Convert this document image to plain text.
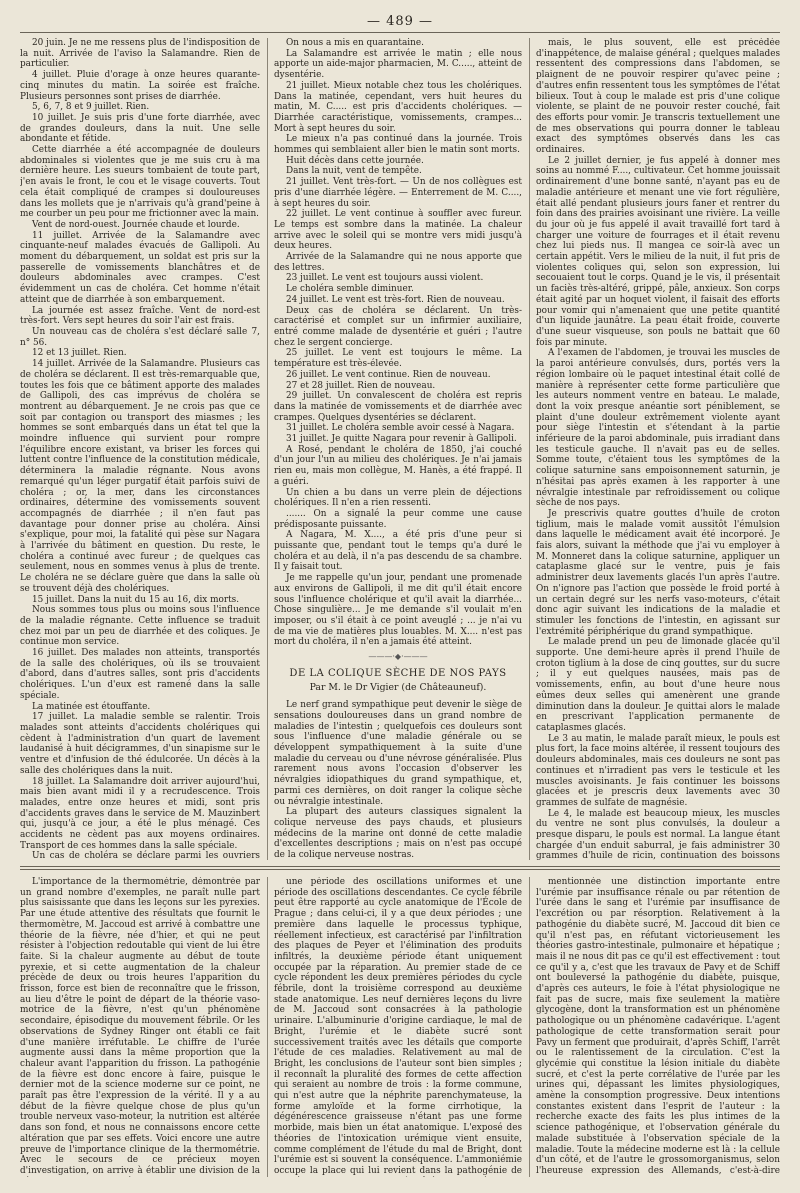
— 489 —

20 juin. Je ne me ressens plus de l'indisposition de la nuit. Arrivée de l'aviso la Salamandre. Rien de particulier.

4 juillet. Pluie d'orage à onze heures quarante-cinq minutes du matin. La soirée est fraîche. Plusieurs personnes sont prises de diarrhée.

5, 6, 7, 8 et 9 juillet. Rien.

10 juillet. Je suis pris d'une forte diarrhée, avec de grandes douleurs, dans la nuit. Une selle abondante et fétide.

Cette diarrhée a été accompagnée de douleurs abdominales si violentes que je me suis cru à ma dernière heure. Les sueurs tombaient de toute part, j'en avais le front, le cou et le visage couverts. Tout cela était compliqué de crampes si douloureuses dans les mollets que je n'arrivais qu'à grand'peine à me courber un peu pour me frictionner avec la main.

Vent de nord-ouest. Journée chaude et lourde.

11 juillet. Arrivée de la Salamandre avec cinquante-neuf malades évacués de Gallipoli. Au moment du débarquement, un soldat est pris sur la passerelle de vomissements blanchâtres et de douleurs abdominales avec crampes. C'est évidemment un cas de choléra. Cet homme n'était atteint que de diarrhée à son embarquement.

La journée est assez fraîche. Vent de nord-est très-fort. Vers sept heures du soir l'air est frais.

Un nouveau cas de choléra s'est déclaré salle 7, n° 56.

12 et 13 juillet. Rien.

14 juillet. Arrivée de la Salamandre. Plusieurs cas de choléra se déclarent. Il est très-remarquable que, toutes les fois que ce bâtiment apporte des malades de Gallipoli, des cas imprévus de choléra se montrent au débarquement. Je ne crois pas que ce soit par contagion ou transport des miasmes ; les hommes se sont embarqués dans un état tel que la moindre influence qui survient pour rompre l'équilibre encore existant, va briser les forces qui luttent contre l'influence de la constitution médicale, déterminera la maladie régnante. Nous avons remarqué qu'un léger purgatif était parfois suivi de choléra ; or, la mer, dans les circonstances ordinaires, détermine des vomissements souvent accompagnés de diarrhée ; il n'en faut pas davantage pour donner prise au choléra. Ainsi s'explique, pour moi, la fatalité qui pèse sur Nagara à l'arrivée du bâtiment en question. Du reste, le choléra a continué avec fureur ; de quelques cas seulement, nous en sommes venus à plus de trente. Le choléra ne se déclare guère que dans la salle où se trouvent déjà des cholériques.

15 juillet. Dans la nuit du 15 au 16, dix morts.

Nous sommes tous plus ou moins sous l'influence de la maladie régnante. Cette influence se traduit chez moi par un peu de diarrhée et des coliques. Je continue mon service.

16 juillet. Des malades non atteints, transportés de la salle des cholériques, où ils se trouvaient d'abord, dans d'autres salles, sont pris d'accidents cholériques. L'un d'eux est ramené dans la salle spéciale.

La matinée est étouffante.

17 juillet. La maladie semble se ralentir. Trois malades sont atteints d'accidents cholériques qui cèdent à l'administration d'un quart de lavement laudanisé à huit décigrammes, d'un sinapisme sur le ventre et d'infusion de thé édulcorée. Un décès à la salle des cholériques dans la nuit.

18 juillet. La Salamandre doit arriver aujourd'hui, mais bien avant midi il y a recrudescence. Trois malades, entre onze heures et midi, sont pris d'accidents graves dans le service de M. Mauzinbert qui, jusqu'à ce jour, a été le plus ménagé. Ces accidents ne cèdent pas aux moyens ordinaires. Transport de ces hommes dans la salle spéciale.

Un cas de choléra se déclare parmi les ouvriers

On nous a mis en quarantaine.

La Salamandre est arrivée le matin ; elle nous apporte un aide-major pharmacien, M. C....., atteint de dysentérie.

21 juillet. Mieux notable chez tous les cholériques. Dans la matinée, cependant, vers huit heures du matin, M. C..... est pris d'accidents cholériques. — Diarrhée caractéristique, vomissements, crampes... Mort à sept heures du soir.

Le mieux n'a pas continué dans la journée. Trois hommes qui semblaient aller bien le matin sont morts.

Huit décès dans cette journée.

Dans la nuit, vent de tempête.

21 juillet. Vent très-fort. — Un de nos collègues est pris d'une diarrhée légère. — Enterrement de M. C...., à sept heures du soir.

22 juillet. Le vent continue à souffler avec fureur. Le temps est sombre dans la matinée. La chaleur arrive avec le soleil qui se montre vers midi jusqu'à deux heures.

Arrivée de la Salamandre qui ne nous apporte que des lettres.

23 juillet. Le vent est toujours aussi violent.

Le choléra semble diminuer.

24 juillet. Le vent est très-fort. Rien de nouveau.

Deux cas de choléra se déclarent. Un très-caractérisé et complet sur un infirmier auxiliaire, entré comme malade de dysentérie et guéri ; l'autre chez le sergent concierge.

25 juillet. Le vent est toujours le même. La température est très-élevée.

26 juillet. Le vent continue. Rien de nouveau.

27 et 28 juillet. Rien de nouveau.

29 juillet. Un convalescent de choléra est repris dans la matinée de vomissements et de diarrhée avec crampes. Quelques dysentéries se déclarent.

31 juillet. Le choléra semble avoir cessé à Nagara.

31 juillet. Je quitte Nagara pour revenir à Gallipoli.

A Rosé, pendant le choléra de 1850, j'ai couché d'un jour l'un au milieu des cholériques. Je n'ai jamais rien eu, mais mon collègue, M. Hanès, a été frappé. Il a guéri.

Un chien a bu dans un verre plein de déjections cholériques. Il n'en a rien ressenti.

....... On a signalé la peur comme une cause prédisposante puissante.

A Nagara, M. X...., a été pris d'une peur si puissante que, pendant tout le temps qu'a duré le choléra et au delà, il n'a pas descendu de sa chambre. Il y faisait tout.

Je me rappelle qu'un jour, pendant une promenade aux environs de Gallipoli, il me dit qu'il était encore sous l'influence cholérique et qu'il avait la diarrhée... Chose singulière... Je me demande s'il voulait m'en imposer, ou s'il était à ce point aveuglé ; ... je n'ai vu de ma vie de matières plus louables. M. X.... n'est pas mort du choléra, il n'en a jamais été atteint.

———·◆·———
DE LA COLIQUE SÈCHE DE NOS PAYS
Par M. le Dr Vigier (de Châteauneuf).

Le nerf grand sympathique peut devenir le siège de sensations douloureuses dans un grand nombre de maladies de l'intestin ; quelquefois ces douleurs sont sous l'influence d'une maladie générale ou se développent sympathiquement à la suite d'une maladie du cerveau ou d'une névrose généralisée. Plus rarement nous avons l'occasion d'observer les névralgies idiopathiques du grand sympathique, et, parmi ces dernières, on doit ranger la colique sèche ou névralgie intestinale.

La plupart des auteurs classiques signalent la colique nerveuse des pays chauds, et plusieurs médecins de la marine ont donné de cette maladie d'excellentes descriptions ; mais on n'est pas occupé de la colique nerveuse nostras.

mais, le plus souvent, elle est précédée d'inappétence, de malaise général ; quelques malades ressentent des compressions dans l'abdomen, se plaignent de ne pouvoir respirer qu'avec peine ; d'autres enfin ressentent tous les symptômes de l'état bilieux. Tout à coup le malade est pris d'une colique violente, se plaint de ne pouvoir rester couché, fait des efforts pour vomir. Je transcris textuellement une de mes observations qui pourra donner le tableau exact des symptômes observés dans les cas ordinaires.

Le 2 juillet dernier, je fus appelé à donner mes soins au nommé F...., cultivateur. Cet homme jouissait ordinairement d'une bonne santé, n'ayant pas eu de maladie antérieure et menant une vie fort régulière, était allé pendant plusieurs jours faner et rentrer du foin dans des prairies avoisinant une rivière. La veille du jour où je fus appelé il avait travaillé fort tard à charger une voiture de fourrages et il était revenu chez lui pieds nus. Il mangea ce soir-là avec un certain appétit. Vers le milieu de la nuit, il fut pris de violentes coliques qui, selon son expression, lui secouaient tout le corps. Quand je le vis, il présentait un faciès très-altéré, grippé, pâle, anxieux. Son corps était agité par un hoquet violent, il faisait des efforts pour vomir qui n'amenaient que une petite quantité d'un liquide jaunâtre. La peau était froide, couverte d'une sueur visqueuse, son pouls ne battait que 60 fois par minute.

A l'examen de l'abdomen, je trouvai les muscles de la paroi antérieure convulsés, durs, portés vers la région lombaire où le paquet intestinal était collé de manière à représenter cette forme particulière que les auteurs nomment ventre en bateau. Le malade, dont la voix presque anéantie sort péniblement, se plaint d'une douleur extrêmement violente ayant pour siège l'intestin et s'étendant à la partie inférieure de la paroi abdominale, puis irradiant dans les testicule gauche. Il n'avait pas eu de selles. Somme toute, c'étaient tous les symptômes de la colique saturnine sans empoisonnement saturnin, je n'hésitai pas après examen à les rapporter à une névralgie intestinale par refroidissement ou colique sèche de nos pays.

Je prescrivis quatre gouttes d'huile de croton tiglium, mais le malade vomit aussitôt l'émulsion dans laquelle le médicament avait été incorporé. Je fais alors, suivant la méthode que j'ai vu employer à M. Monneret dans la colique saturnine, appliquer un cataplasme glacé sur le ventre, puis je fais administrer deux lavements glacés l'un après l'autre. On n'ignore pas l'action que possède le froid porté à un certain degré sur les nerfs vaso-moteurs, c'était donc agir suivant les indications de la maladie et stimuler les fonctions de l'intestin, en agissant sur l'extrémité périphérique du grand sympathique.

Le malade prend un peu de limonade glacée qu'il supporte. Une demi-heure après il prend l'huile de croton tiglium à la dose de cinq gouttes, sur du sucre ; il y eut quelques nausées, mais pas de vomissements, enfin, au bout d'une heure nous eûmes deux selles qui amenèrent une grande diminution dans la douleur. Je quittai alors le malade en prescrivant l'application permanente de cataplasmes glacés.

Le 3 au matin, le malade paraît mieux, le pouls est plus fort, la face moins altérée, il ressent toujours des douleurs abdominales, mais ces douleurs ne sont pas continues et n'irradient pas vers le testicule et les muscles avoisinants. Je fais continuer les boissons glacées et je prescris deux lavements avec 30 grammes de sulfate de magnésie.

Le 4, le malade est beaucoup mieux, les muscles du ventre ne sont plus convulsés, la douleur a presque disparu, le pouls est normal. La langue étant chargée d'un enduit saburral, je fais administrer 30 grammes d'huile de ricin, continuation des boissons

L'importance de la thermométrie, démontrée par un grand nombre d'exemples, ne paraît nulle part plus saisissante que dans les leçons sur les pyrexies. Par une étude attentive des résultats que fournit le thermomètre, M. Jaccoud est arrivé à combattre une théorie de la fièvre, née d'hier, et qui ne peut résister à l'objection redoutable qui vient de lui être faite. Si la chaleur augmente au début de toute pyrexie, et si cette augmentation de la chaleur précède de deux ou trois heures l'apparition du frisson, force est bien de reconnaître que le frisson, au lieu d'être le point de départ de la théorie vaso-motrice de la fièvre, n'est qu'un phénomène secondaire, épisodique du mouvement fébrile. Or les observations de Sydney Ringer ont établi ce fait d'une manière irréfutable. Le chiffre de l'urée augmente aussi dans la même proportion que la chaleur avant l'apparition du frisson. La pathogénie de la fièvre est donc encore à faire, puisque le dernier mot de la science moderne sur ce point, ne paraît pas être l'expression de la vérité. Il y a au début de la fièvre quelque chose de plus qu'un trouble nerveux vaso-moteur, la nutrition est altérée dans son fond, et nous ne connaissons encore cette altération que par ses effets. Voici encore une autre preuve de l'importance clinique de la thermométrie. Avec le secours de ce précieux moyen d'investigation, on arrive à établir une division de la

une période des oscillations uniformes et une période des oscillations descendantes. Ce cycle fébrile peut être rapporté au cycle anatomique de l'École de Prague ; dans celui-ci, il y a que deux périodes ; une première dans laquelle le processus typhique, réellement infectieux, est caractérisé par l'infiltration des plaques de Peyer et l'élimination des produits infiltrés, la deuxième période étant uniquement occupée par la réparation. Au premier stade de ce cycle répondent les deux premières périodes du cycle fébrile, dont la troisième correspond au deuxième stade anatomique. Les neuf dernières leçons du livre de M. Jaccoud sont consacrées à la pathologie urinaire. L'albuminurie d'origine cardiaque, le mal de Bright, l'urémie et le diabète sucré sont successivement traités avec les détails que comporte l'étude de ces maladies. Relativement au mal de Bright, les conclusions de l'auteur sont bien simples ; il reconnaît la pluralité des formes de cette affection qui seraient au nombre de trois : la forme commune, qui n'est autre que la néphrite parenchymateuse, la forme amyloïde et la forme cirrhotique, la dégénérescence graisseuse n'étant pas une forme morbide, mais bien un état anatomique. L'exposé des théories de l'intoxication urémique vient ensuite, comme complément de l'étude du mal de Bright, dont l'urémie est si souvent la conséquence. L'ammoniémie occupe la place qui lui revient dans la pathogénie de

mentionnée une distinction importante entre l'urémie par insuffisance rénale ou par rétention de l'urée dans le sang et l'urémie par insuffisance de l'excrétion ou par résorption. Relativement à la pathogénie du diabète sucré, M. Jaccoud dit bien ce qu'il n'est pas, en réfutant victorieusement les théories gastro-intestinale, pulmonaire et hépatique ; mais il ne nous dit pas ce qu'il est effectivement : tout ce qu'il y a, c'est que les travaux de Pavy et de Schiff ont bouleversé la pathogénie du diabète, puisque, d'après ces auteurs, le foie à l'état physiologique ne fait pas de sucre, mais fixe seulement la matière glycogène, dont la transformation est un phénomène pathologique ou un phénomène cadavérique. L'agent pathologique de cette transformation serait pour Pavy un ferment que produirait, d'après Schiff, l'arrêt ou le ralentissement de la circulation. C'est la glycémie qui constitue la lésion initiale du diabète sucré, et c'est la perte corrélative de l'urée par les urines qui, dépassant les limites physiologiques, amène la consomption progressive. Deux intentions constantes existent dans l'esprit de l'auteur : la recherche exacte des faits les plus intimes de la science pathogénique, et l'observation générale du malade substituée à l'observation spéciale de la maladie. Toute la médecine moderne est là : la cellule d'un côté, et de l'autre le grossomorganismus, selon l'heureuse expression des Allemands, c'est-à-dire
